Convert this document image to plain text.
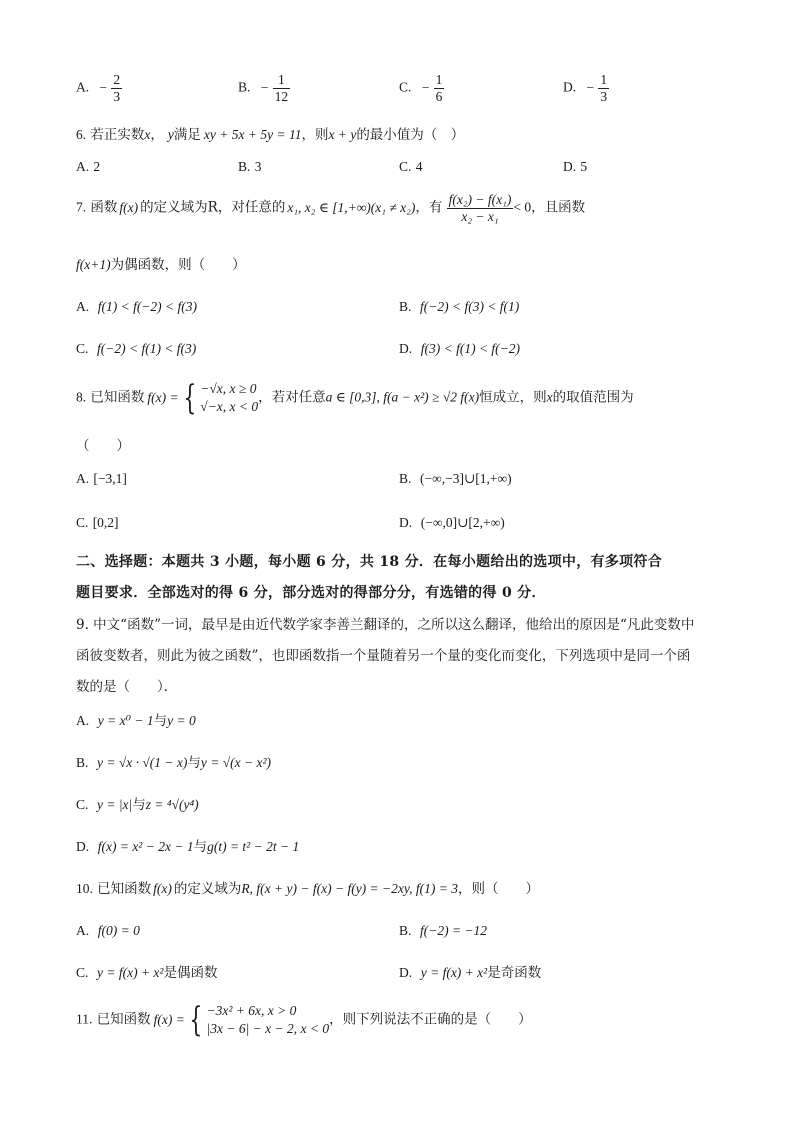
A. − $\frac{2}{3}$	B. − $\frac{1}{12}$	C. − $\frac{1}{6}$	D. − $\frac{1}{3}$
6. 若正实数x， y满足 xy + 5x + 5y = 11，则x + y的最小值为（　）
A. 2	B. 3	C. 4	D. 5
7. 函数 f(x) 的定义域为R，对任意的 x₁, x₂ ∈ [1,+∞)(x₁ ≠ x₂)，有 $\frac{\text{f(x₂) − f(x₁)}}{\text{x₂ − x₁}} < 0$，且函数
f(x+1)为偶函数，则（　　）
A. f(1) < f(−2) < f(3)	B. f(−2) < f(3) < f(1)
C. f(−2) < f(1) < f(3)	D. f(3) < f(1) < f(−2)
8. 已知函数 f(x) = { −√x, x ≥ 0
√−x, x < 0
，若对任意a ∈ [0,3], f(a − x²) ≥ √2 f(x)恒成立，则x的取值范围为
（　　）
A. [−3,1]	B. (−∞,−3]∪[1,+∞)
C. [0,2]	D. (−∞,0]∪[2,+∞)
二、选择题：本题共 3 小题，每小题 6 分，共 18 分．在每小题给出的选项中，有多项符合
题目要求．全部选对的得 6 分，部分选对的得部分分，有选错的得 0 分．
9. 中文“函数”一词，最早是由近代数学家李善兰翻译的，之所以这么翻译，他给出的原因是“凡此变数中
函彼变数者，则此为彼之函数”，也即函数指一个量随着另一个量的变化而变化，下列选项中是同一个函
数的是（　　）．
A. y = x⁰ − 1与y = 0
B. y = √x · √(1 − x)与y = √(x − x²)
C. y = |x|与z = ⁴√(y⁴)
D. f(x) = x² − 2x − 1与g(t) = t² − 2t − 1
10. 已知函数 f(x) 的定义域为R, f(x + y) − f(x) − f(y) = −2xy, f(1) = 3，则（　　）
A. f(0) = 0	B. f(−2) = −12
C. y = f(x) + x²是偶函数	D. y = f(x) + x²是奇函数
11. 已知函数 f(x) = { −3x² + 6x, x > 0
|3x − 6| − x − 2, x < 0
，则下列说法不正确的是（　　）
